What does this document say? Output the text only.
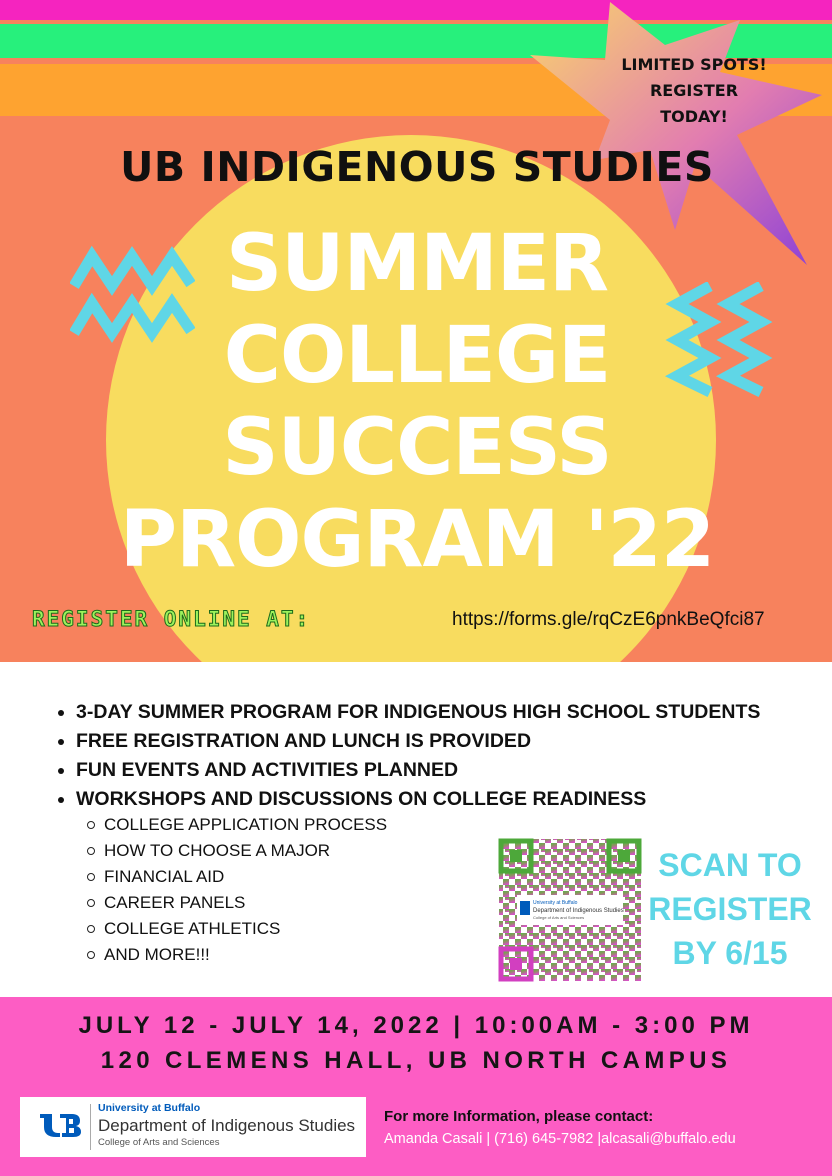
LIMITED SPOTS!
REGISTER
TODAY!
UB INDIGENOUS STUDIES
SUMMER
COLLEGE
SUCCESS
PROGRAM '22
REGISTER ONLINE AT:	https://forms.gle/rqCzE6pnkBeQfci87
• 3-DAY SUMMER PROGRAM FOR INDIGENOUS HIGH SCHOOL STUDENTS
• FREE REGISTRATION AND LUNCH IS PROVIDED
• FUN EVENTS AND ACTIVITIES PLANNED
• WORKSHOPS AND DISCUSSIONS ON COLLEGE READINESS
COLLEGE APPLICATION PROCESS
HOW TO CHOOSE A MAJOR
FINANCIAL AID
CAREER PANELS
COLLEGE ATHLETICS
AND MORE!!!
University at Buffalo
Department of Indigenous Studies
College of Arts and Sciences
SCAN TO
REGISTER
BY 6/15
JULY 12 - JULY 14, 2022 | 10:00AM - 3:00 PM
120 CLEMENS HALL, UB NORTH CAMPUS
University at Buffalo
Department of Indigenous Studies
College of Arts and Sciences
For more Information, please contact:
Amanda Casali | (716) 645-7982 |alcasali@buffalo.edu
